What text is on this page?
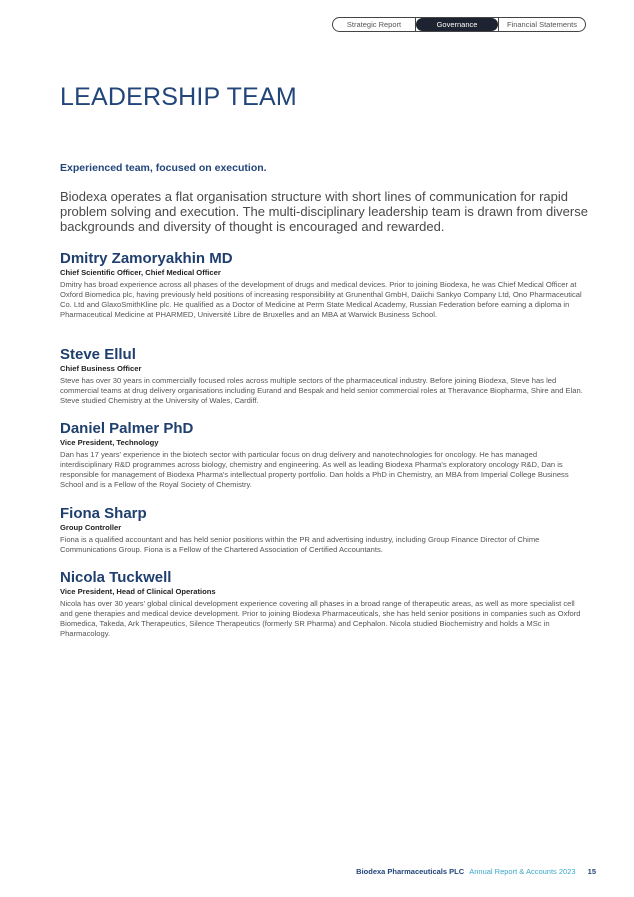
Strategic Report	Governance	Financial Statements
LEADERSHIP TEAM

Experienced team, focused on execution.

Biodexa operates a flat organisation structure with short lines of communication for rapid problem solving and execution. The multi-disciplinary leadership team is drawn from diverse backgrounds and diversity of thought is encouraged and rewarded.

Dmitry Zamoryakhin MD
Chief Scientific Officer, Chief Medical Officer

Dmitry has broad experience across all phases of the development of drugs and medical devices. Prior to joining Biodexa, he was Chief Medical Officer at Oxford Biomedica plc, having previously held positions of increasing responsibility at Grunenthal GmbH, Daiichi Sankyo Company Ltd, Ono Pharmaceutical Co. Ltd and GlaxoSmithKline plc. He qualified as a Doctor of Medicine at Perm State Medical Academy, Russian Federation before earning a diploma in Pharmaceutical Medicine at PHARMED, Université Libre de Bruxelles and an MBA at Warwick Business School.

Steve Ellul
Chief Business Officer

Steve has over 30 years in commercially focused roles across multiple sectors of the pharmaceutical industry. Before joining Biodexa, Steve has led commercial teams at drug delivery organisations including Eurand and Bespak and held senior commercial roles at Theravance Biopharma, Shire and Elan. Steve studied Chemistry at the University of Wales, Cardiff.

Daniel Palmer PhD
Vice President, Technology

Dan has 17 years' experience in the biotech sector with particular focus on drug delivery and nanotechnologies for oncology. He has managed interdisciplinary R&D programmes across biology, chemistry and engineering. As well as leading Biodexa Pharma's exploratory oncology R&D, Dan is responsible for management of Biodexa Pharma's intellectual property portfolio. Dan holds a PhD in Chemistry, an MBA from Imperial College Business School and is a Fellow of the Royal Society of Chemistry.

Fiona Sharp
Group Controller

Fiona is a qualified accountant and has held senior positions within the PR and advertising industry, including Group Finance Director of Chime Communications Group. Fiona is a Fellow of the Chartered Association of Certified Accountants.

Nicola Tuckwell
Vice President, Head of Clinical Operations

Nicola has over 30 years' global clinical development experience covering all phases in a broad range of therapeutic areas, as well as more specialist cell and gene therapies and medical device development. Prior to joining Biodexa Pharmaceuticals, she has held senior positions in companies such as Oxford Biomedica, Takeda, Ark Therapeutics, Silence Therapeutics (formerly SR Pharma) and Cephalon. Nicola studied Biochemistry and holds a MSc in Pharmacology.

Biodexa Pharmaceuticals PLC Annual Report & Accounts 2023 15
